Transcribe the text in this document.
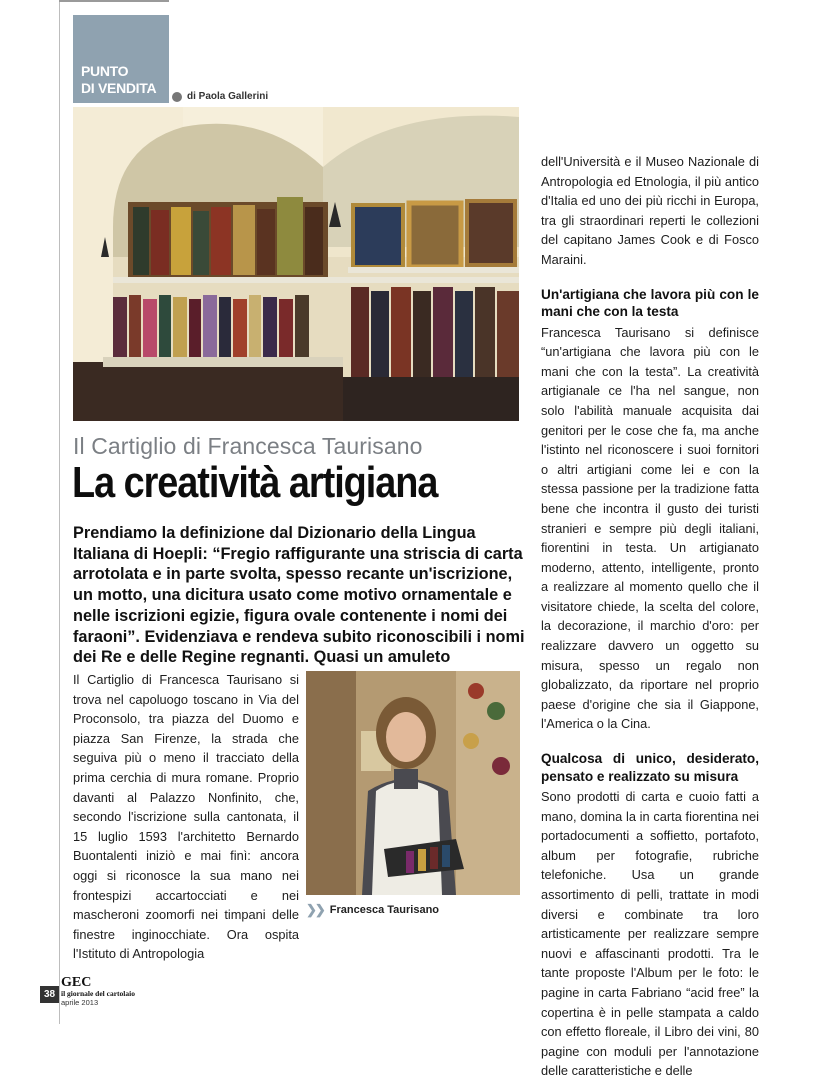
PUNTO
DI VENDITA
di Paola Gallerini
Il Cartiglio di Francesca Taurisano
La creatività artigiana
Prendiamo la definizione dal Dizionario della Lingua Italiana di Hoepli: “Fregio raffigurante una striscia di carta arrotolata e in parte svolta, spesso recante un'iscrizione, un motto, una dicitura usato come motivo ornamentale e nelle iscrizioni egizie, figura ovale contenente i nomi dei faraoni”. Evidenziava e rendeva subito riconoscibili i nomi dei Re e delle Regine regnanti. Quasi un amuleto

Il Cartiglio di Francesca Taurisano si trova nel capoluogo toscano in Via del Proconsolo, tra piazza del Duomo e piazza San Firenze, la strada che seguiva più o meno il tracciato della prima cerchia di mura romane. Proprio davanti al Palazzo Nonfinito, che, secondo l'iscrizione sulla cantonata, il 15 luglio 1593 l'architetto Bernardo Buontalenti iniziò e mai finì: ancora oggi si riconosce la sua mano nei frontespizi accartocciati e nei mascheroni zoomorfi nei timpani delle finestre inginocchiate. Ora ospita l'Istituto di Antropologia

❯❯ Francesca Taurisano

dell'Università e il Museo Nazionale di Antropologia ed Etnologia, il più antico d'Italia ed uno dei più ricchi in Europa, tra gli straordinari reperti le collezioni del capitano James Cook e di Fosco Maraini.

Un'artigiana che lavora più con le mani che con la testa

Francesca Taurisano si definisce “un'artigiana che lavora più con le mani che con la testa”. La creatività artigianale ce l'ha nel sangue, non solo l'abilità manuale acquisita dai genitori per le cose che fa, ma anche l'istinto nel riconoscere i suoi fornitori o altri artigiani come lei e con la stessa passione per la tradizione fatta bene che incontra il gusto dei turisti stranieri e sempre più degli italiani, fiorentini in testa. Un artigianato moderno, attento, intelligente, pronto a realizzare al momento quello che il visitatore chiede, la scelta del colore, la decorazione, il marchio d'oro: per realizzare davvero un oggetto su misura, spesso un regalo non globalizzato, da riportare nel proprio paese d'origine che sia il Giappone, l'America o la Cina.

Qualcosa di unico, desiderato, pensato e realizzato su misura

Sono prodotti di carta e cuoio fatti a mano, domina la in carta fiorentina nei portadocumenti a soffietto, portafoto, album per fotografie, rubriche telefoniche. Usa un grande assortimento di pelli, trattate in modi diversi e combinate tra loro artisticamente per realizzare sempre nuovi e affascinanti prodotti. Tra le tante proposte l'Album per le foto: le pagine in carta Fabriano “acid free” la copertina è in pelle stampata a caldo con effetto floreale, il Libro dei vini, 80 pagine con moduli per l'annotazione delle caratteristiche e delle

38
GEC
il giornale del cartolaio
aprile 2013
